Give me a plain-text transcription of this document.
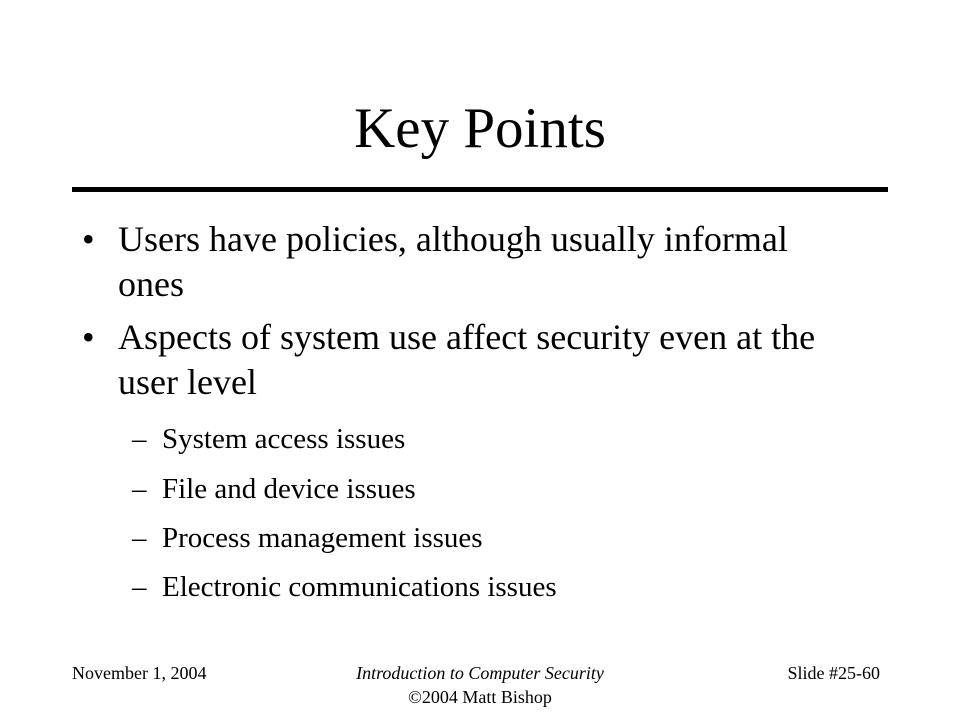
Key Points
• Users have policies, although usually informal ones
• Aspects of system use affect security even at the user level
– System access issues
– File and device issues
– Process management issues
– Electronic communications issues
November 1, 2004	Introduction to Computer Security
©2004 Matt Bishop
Slide #25-60
